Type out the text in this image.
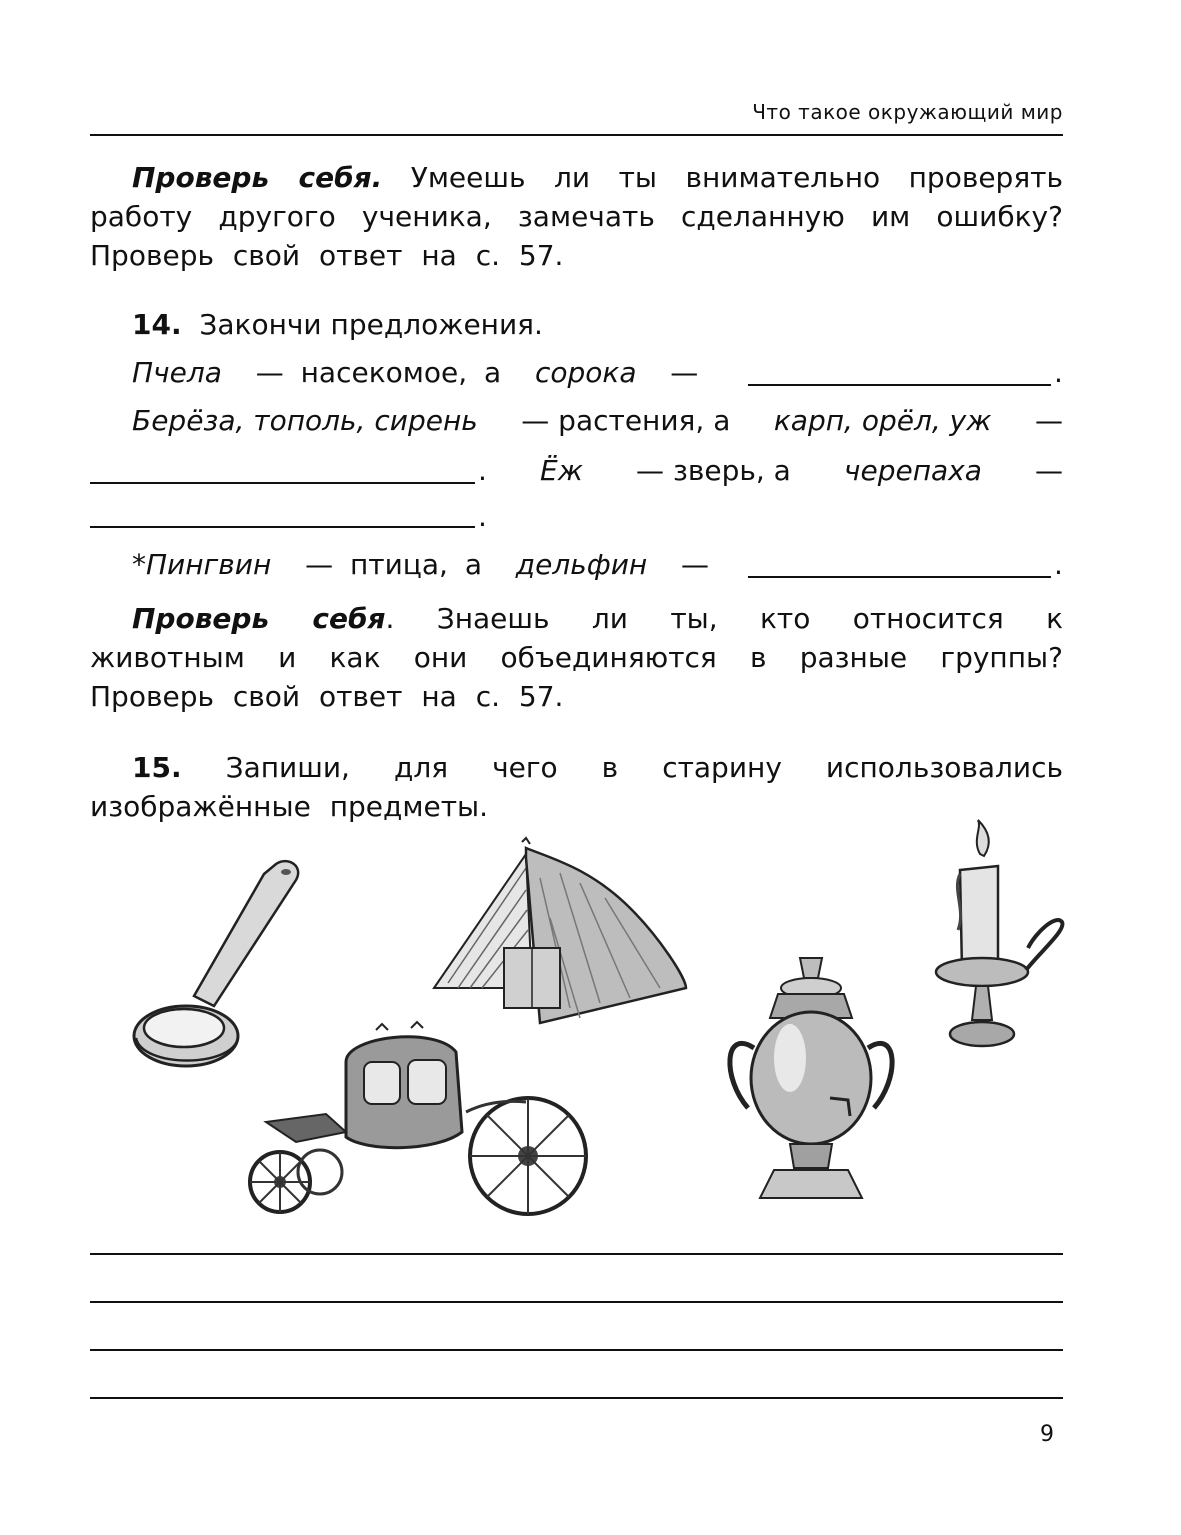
Что такое окружающий мир
Проверь себя. Умеешь ли ты внимательно проверять работу другого ученика, замечать сделанную им ошибку? Проверь свой ответ на с. 57.
14. Закончи предложения.
Пчела — насекомое, а сорока —	.
Берёза, тополь, сирень — растения, а карп, орёл, уж —
. Ёж — зверь, а черепаха —
.
*Пингвин — птица, а дельфин —	.
Проверь себя. Знаешь ли ты, кто относится к животным и как они объединяются в разные группы? Проверь свой ответ на с. 57.
15. Запиши, для чего в старину использовались изображённые предметы.
9
